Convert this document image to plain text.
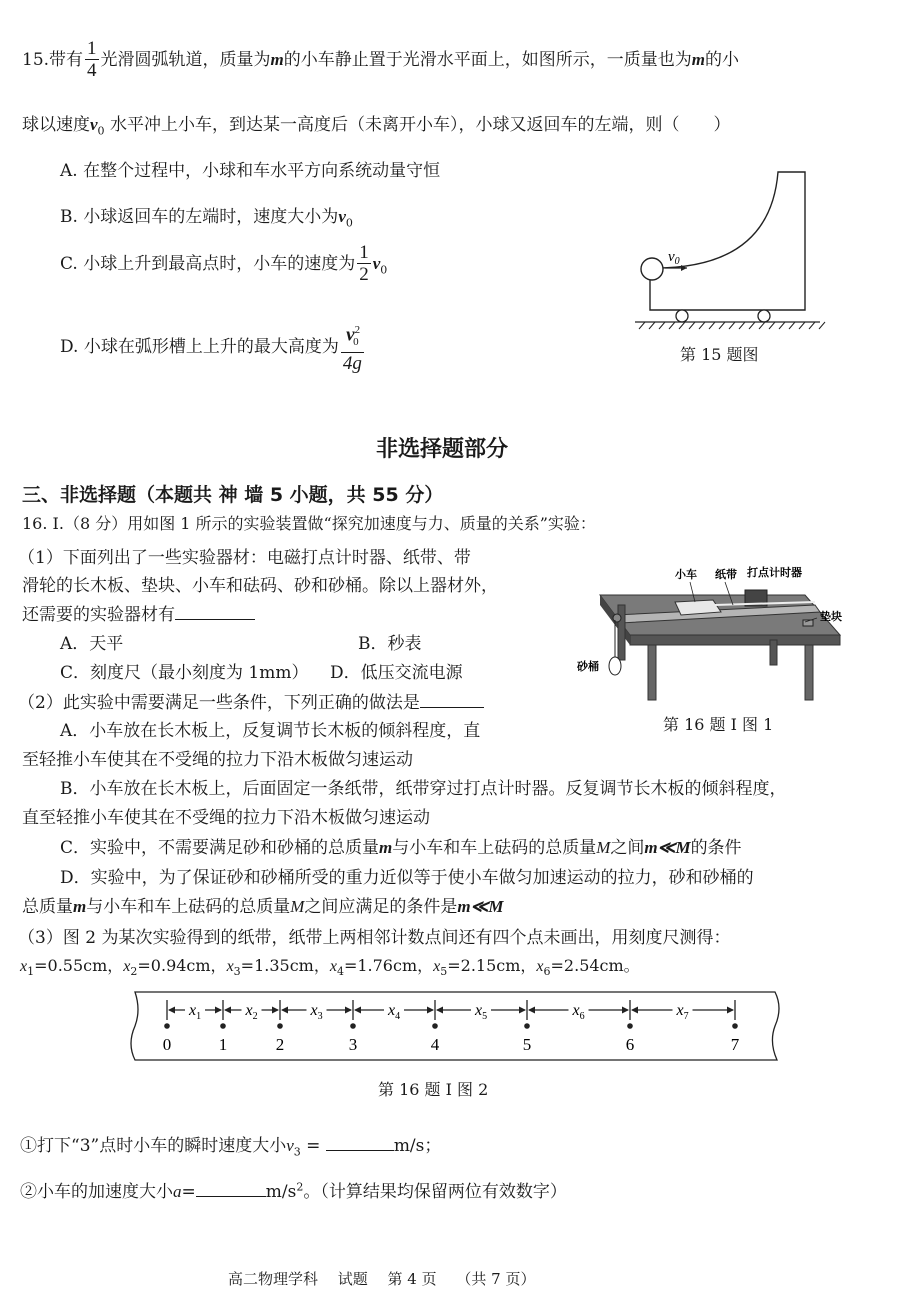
15.带有 $\frac{1}{4}$ 光滑圆弧轨道，质量为m的小车静止置于光滑水平面上，如图所示，一质量也为m的小
球以速度$v_0$ 水平冲上小车，到达某一高度后（未离开小车），小球又返回车的左端，则（　　）
A. 在整个过程中，小球和车水平方向系统动量守恒
B. 小球返回车的左端时，速度大小为$v_0$
C. 小球上升到最高点时，小车的速度为 $\frac{1}{2} v_0$
D. 小球在弧形槽上上升的最大高度为 $\frac{v^2_0}{4g}$
$v_0$
第 15 题图
非选择题部分
三、非选择题（本题共 神 墙 5 小题，共 55 分）
16. Ⅰ.（8 分）用如图 1 所示的实验装置做“探究加速度与力、质量的关系”实验：
（1）下面列出了一些实验器材：电磁打点计时器、纸带、带
滑轮的长木板、垫块、小车和砝码、砂和砂桶。除以上器材外，
还需要的实验器材有
A．天平	B．秒表
C．刻度尺（最小刻度为 1mm） D．低压交流电源
（2）此实验中需要满足一些条件，下列正确的做法是
A．小车放在长木板上，反复调节长木板的倾斜程度，直
至轻推小车使其在不受绳的拉力下沿木板做匀速运动
B．小车放在长木板上，后面固定一条纸带，纸带穿过打点计时器。反复调节长木板的倾斜程度，
直至轻推小车使其在不受绳的拉力下沿木板做匀速运动
C．实验中，不需要满足砂和砂桶的总质量m与小车和车上砝码的总质量M之间m≪M的条件
D．实验中，为了保证砂和砂桶所受的重力近似等于使小车做匀加速运动的拉力，砂和砂桶的
总质量m与小车和车上砝码的总质量M之间应满足的条件是m≪M
（3）图 2 为某次实验得到的纸带，纸带上两相邻计数点间还有四个点未画出，用刻度尺测得：
$x_1=0.55cm$，$x_2=0.94cm$，$x_3=1.35cm$，$x_4=1.76cm$，$x_5=2.15cm$，$x_6=2.54cm$。
小车 纸带 打点计时器
垫块
砂桶
第 16 题 Ⅰ 图 1
0	1	2	3	4	5	6	7
$x_1$	$x_2$	$x_3$	$x_4$	$x_5$	$x_6$	$x_7$
第 16 题 Ⅰ 图 2
①打下“3”点时小车的瞬时速度大小$v_3$ =	m/s；
②小车的加速度大小a=	$m/s^2$。（计算结果均保留两位有效数字）
高二物理学科　 试题　 第 4 页　 （共 7 页）
